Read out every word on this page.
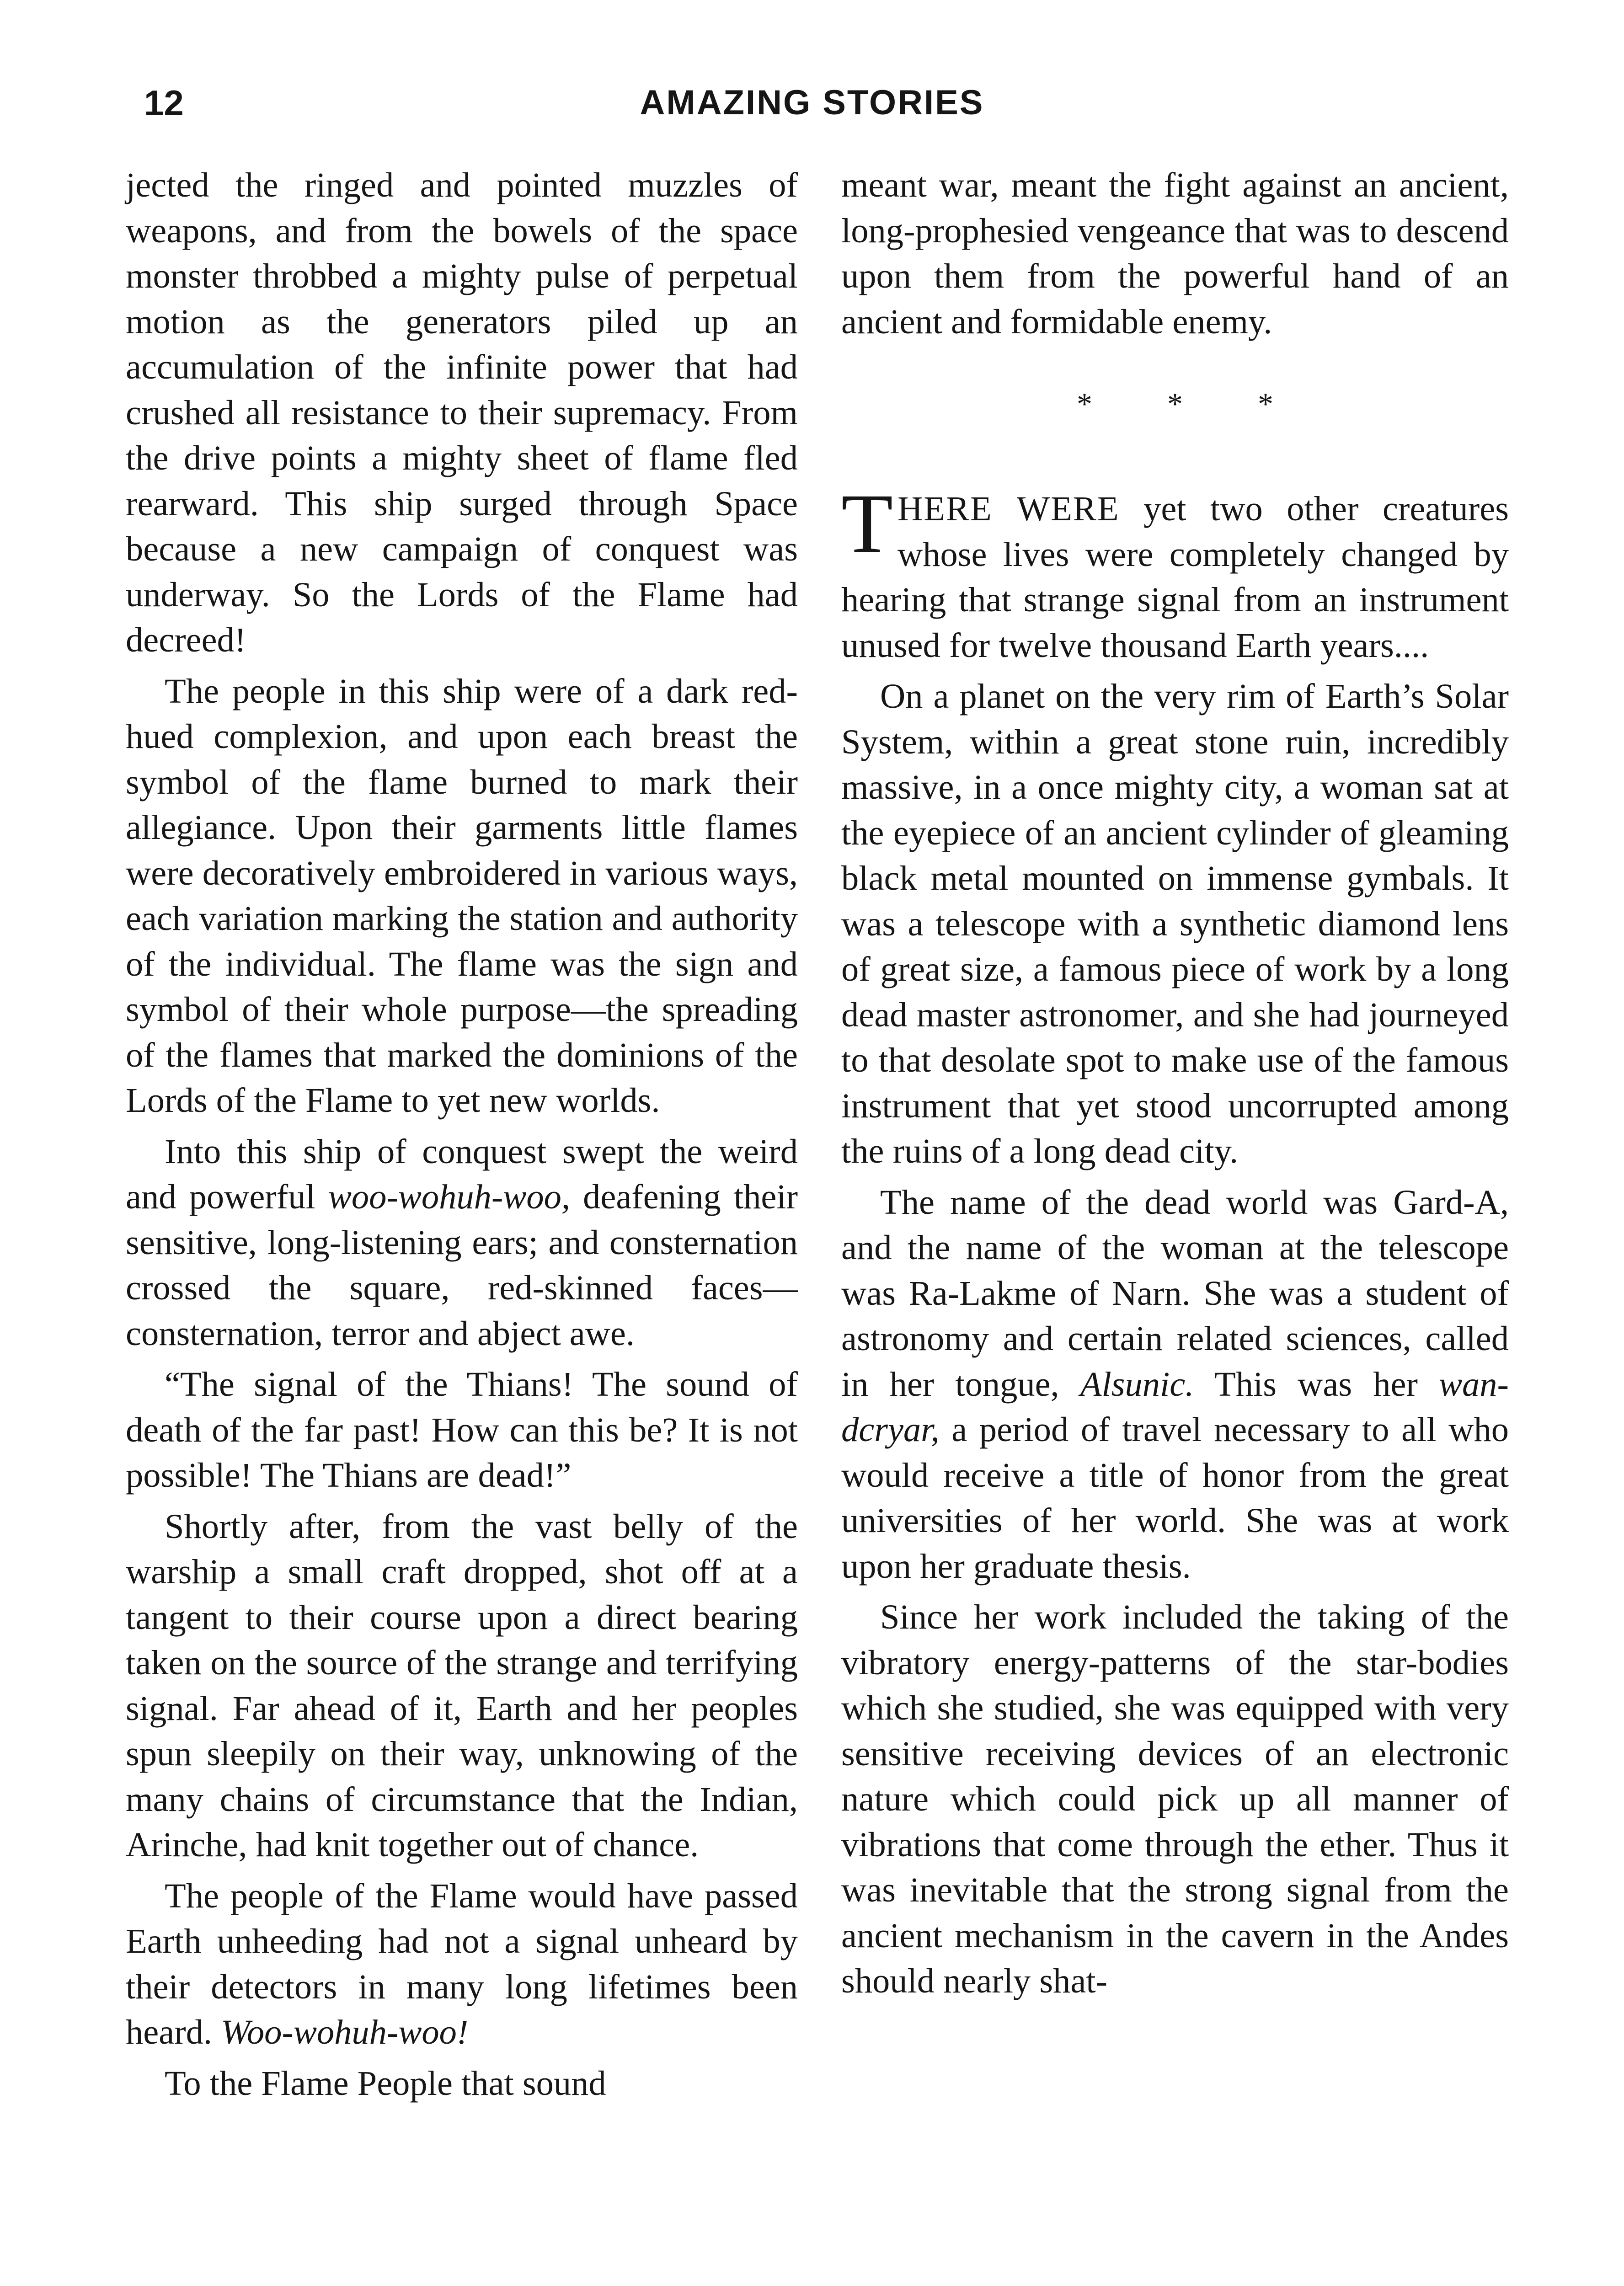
12	AMAZING STORIES

jected the ringed and pointed muzzles of weapons, and from the bowels of the space monster throbbed a mighty pulse of perpetual motion as the generators piled up an accumulation of the infinite power that had crushed all resistance to their supremacy. From the drive points a mighty sheet of flame fled rearward. This ship surged through Space because a new campaign of conquest was underway. So the Lords of the Flame had decreed!

The people in this ship were of a dark red-hued complexion, and upon each breast the symbol of the flame burned to mark their allegiance. Upon their garments little flames were decoratively embroidered in various ways, each variation marking the station and authority of the individual. The flame was the sign and symbol of their whole purpose—the spreading of the flames that marked the dominions of the Lords of the Flame to yet new worlds.

Into this ship of conquest swept the weird and powerful woo-wohuh-woo, deafening their sensitive, long-listening ears; and consternation crossed the square, red-skinned faces—consternation, terror and abject awe.

“The signal of the Thians! The sound of death of the far past! How can this be? It is not possible! The Thians are dead!”

Shortly after, from the vast belly of the warship a small craft dropped, shot off at a tangent to their course upon a direct bearing taken on the source of the strange and terrifying signal. Far ahead of it, Earth and her peoples spun sleepily on their way, unknowing of the many chains of circumstance that the Indian, Arinche, had knit together out of chance.

The people of the Flame would have passed Earth unheeding had not a signal unheard by their detectors in many long lifetimes been heard. Woo-wohuh-woo!

To the Flame People that sound

meant war, meant the fight against an ancient, long-prophesied vengeance that was to descend upon them from the powerful hand of an ancient and formidable enemy.

* * *

THERE WERE yet two other creatures whose lives were completely changed by hearing that strange signal from an instrument unused for twelve thousand Earth years....

On a planet on the very rim of Earth’s Solar System, within a great stone ruin, incredibly massive, in a once mighty city, a woman sat at the eyepiece of an ancient cylinder of gleaming black metal mounted on immense gymbals. It was a telescope with a synthetic diamond lens of great size, a famous piece of work by a long dead master astronomer, and she had journeyed to that desolate spot to make use of the famous instrument that yet stood uncorrupted among the ruins of a long dead city.

The name of the dead world was Gard-A, and the name of the woman at the telescope was Ra-Lakme of Narn. She was a student of astronomy and certain related sciences, called in her tongue, Alsunic. This was her wandcryar, a period of travel necessary to all who would receive a title of honor from the great universities of her world. She was at work upon her graduate thesis.

Since her work included the taking of the vibratory energy-patterns of the star-bodies which she studied, she was equipped with very sensitive receiving devices of an electronic nature which could pick up all manner of vibrations that come through the ether. Thus it was inevitable that the strong signal from the ancient mechanism in the cavern in the Andes should nearly shat-
